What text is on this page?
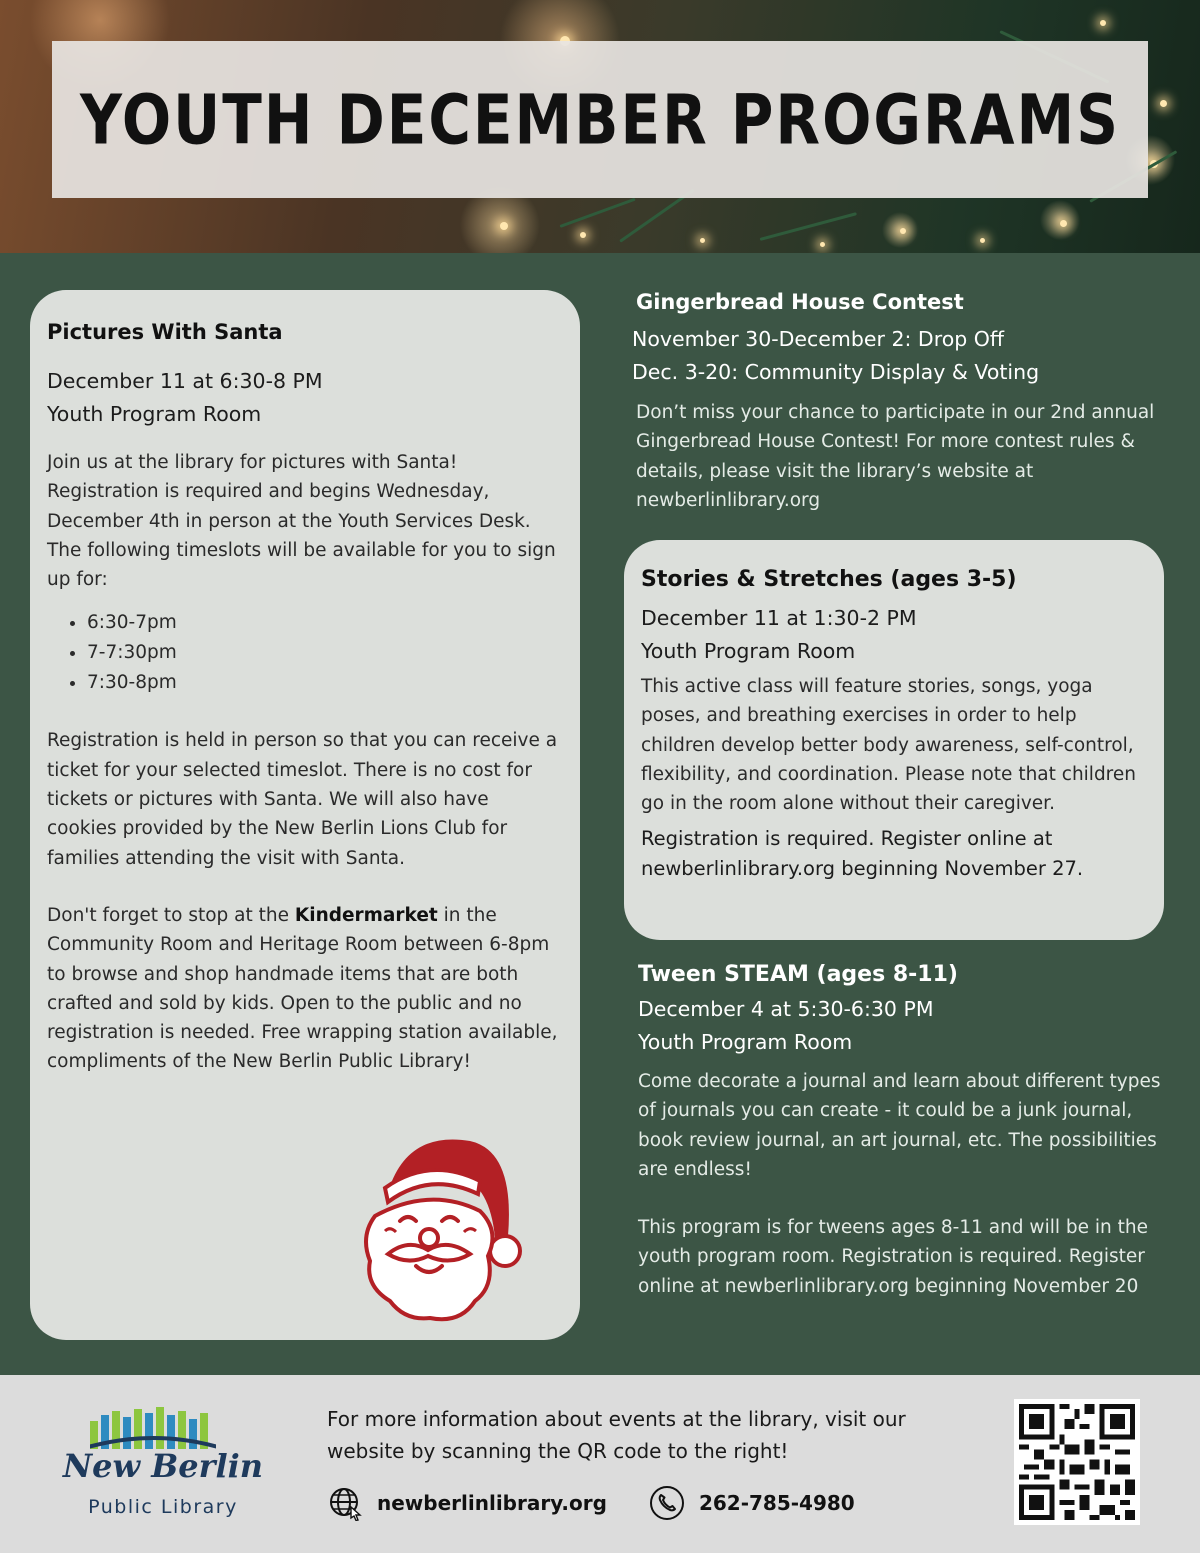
YOUTH DECEMBER PROGRAMS
Pictures With Santa
December 11 at 6:30-8 PM
Youth Program Room

Join us at the library for pictures with Santa! Registration is required and begins Wednesday, December 4th in person at the Youth Services Desk. The following timeslots will be available for you to sign up for:

• 6:30-7pm
• 7-7:30pm
• 7:30-8pm

Registration is held in person so that you can receive a ticket for your selected timeslot. There is no cost for tickets or pictures with Santa. We will also have cookies provided by the New Berlin Lions Club for families attending the visit with Santa.

Don't forget to stop at the Kindermarket in the Community Room and Heritage Room between 6-8pm to browse and shop handmade items that are both crafted and sold by kids. Open to the public and no registration is needed. Free wrapping station available, compliments of the New Berlin Public Library!

Gingerbread House Contest
November 30-December 2: Drop Off
Dec. 3-20: Community Display & Voting

Don’t miss your chance to participate in our 2nd annual Gingerbread House Contest! For more contest rules & details, please visit the library’s website at newberlinlibrary.org

Stories & Stretches (ages 3-5)
December 11 at 1:30-2 PM
Youth Program Room

This active class will feature stories, songs, yoga poses, and breathing exercises in order to help children develop better body awareness, self-control, flexibility, and coordination. Please note that children go in the room alone without their caregiver.

Registration is required. Register online at newberlinlibrary.org beginning November 27.

Tween STEAM (ages 8-11)
December 4 at 5:30-6:30 PM
Youth Program Room

Come decorate a journal and learn about different types of journals you can create - it could be a junk journal, book review journal, an art journal, etc. The possibilities are endless!

This program is for tweens ages 8-11 and will be in the youth program room. Registration is required. Register online at newberlinlibrary.org beginning November 20

New Berlin
Public Library

For more information about events at the library, visit our website by scanning the QR code to the right!

newberlinlibrary.org	262-785-4980
